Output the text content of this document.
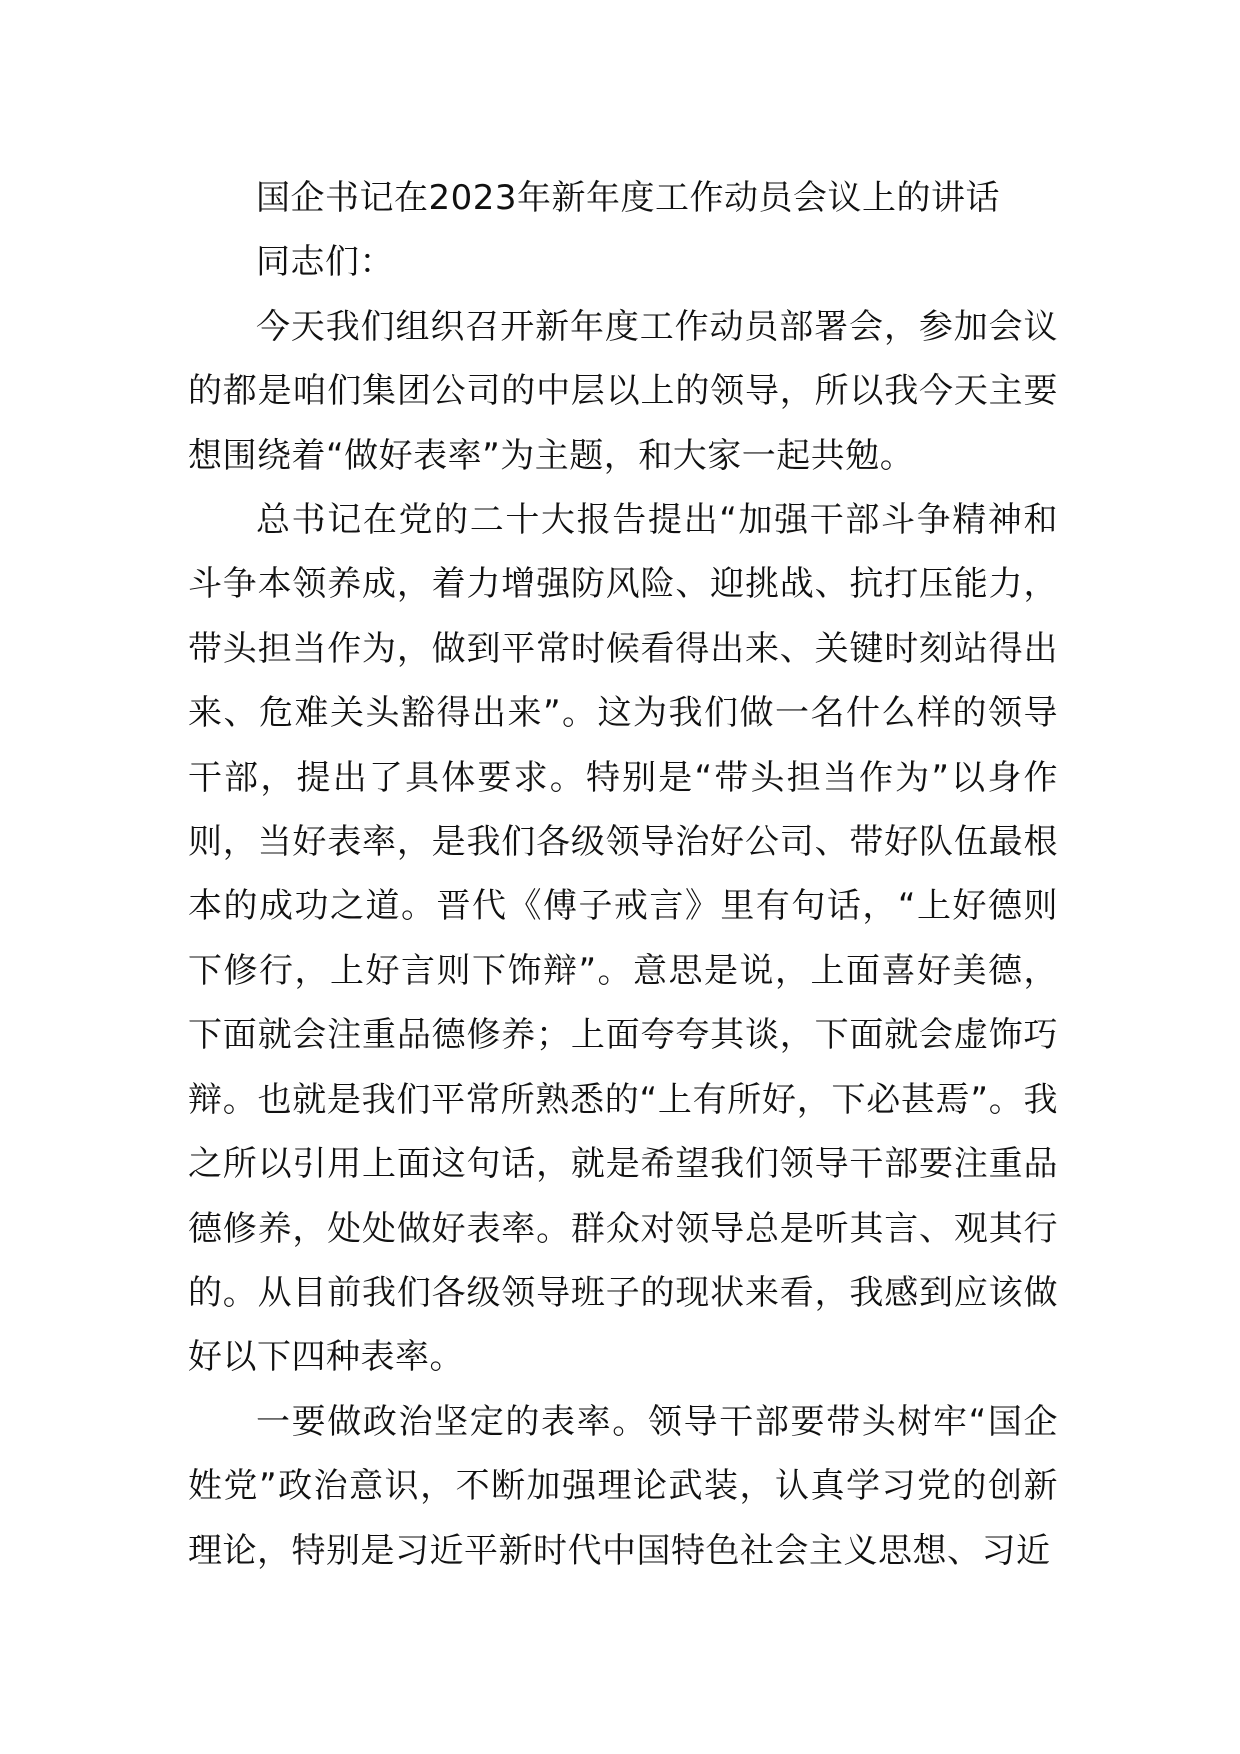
国企书记在2023年新年度工作动员会议上的讲话

同志们：

今天我们组织召开新年度工作动员部署会，参加会议的都是咱们集团公司的中层以上的领导，所以我今天主要想围绕着“做好表率”为主题，和大家一起共勉。

总书记在党的二十大报告提出“加强干部斗争精神和斗争本领养成，着力增强防风险、迎挑战、抗打压能力，带头担当作为，做到平常时候看得出来、关键时刻站得出来、危难关头豁得出来”。这为我们做一名什么样的领导干部，提出了具体要求。特别是“带头担当作为”以身作则，当好表率，是我们各级领导治好公司、带好队伍最根本的成功之道。晋代《傅子戒言》里有句话，“上好德则下修行，上好言则下饰辩”。意思是说，上面喜好美德，下面就会注重品德修养；上面夸夸其谈，下面就会虚饰巧辩。也就是我们平常所熟悉的“上有所好，下必甚焉”。我之所以引用上面这句话，就是希望我们领导干部要注重品德修养，处处做好表率。群众对领导总是听其言、观其行的。从目前我们各级领导班子的现状来看，我感到应该做好以下四种表率。

一要做政治坚定的表率。领导干部要带头树牢“国企姓党”政治意识，不断加强理论武装，认真学习党的创新理论，特别是习近平新时代中国特色社会主义思想、习近
